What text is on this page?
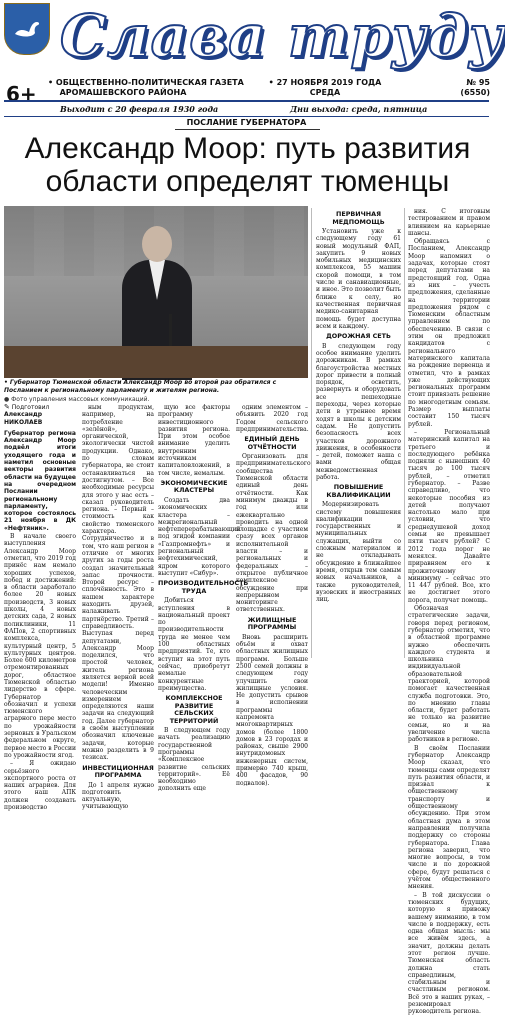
Слава труду
6+ • ОБЩЕСТВЕННО-ПОЛИТИЧЕСКАЯ ГАЗЕТА
АРОМАШЕВСКОГО РАЙОНА
• 27 НОЯБРЯ 2019 ГОДА
СРЕДА
№ 95
(6550)
Выходит с 20 февраля 1930 года	Дни выхода: среда, пятница
ПОСЛАНИЕ ГУБЕРНАТОРА
Александр Моор: путь развития
области определят тюменцы
• Губернатор Тюменской области Александр Моор во второй раз обратился с Посланием к региональному парламенту и жителям региона.
● Фото управления массовых коммуникаций.
✎ Подготовил
Александр НИКОЛАЕВ

Губернатор региона Александр Моор подвёл итоги уходящего года и наметил основные векторы развития области на будущее на очередном Послании региональному парламенту, которое состоялось 21 ноября в ДК «Нефтяник».

В начале своего выступления Александр Моор отметил, что 2019 год принёс нам немало хороших успехов, побед и достижений: в области заработало более 20 новых производств, 3 новых школы, 4 новых детских сада, 2 новых поликлиники, 11 ФАПов, 2 спортивных комплекса, культурный центр, 5 культурных центров. Более 600 километров отремонтированных дорог, областное Тюменской областью лидерство в сфере. Губернатор обозначил и успехи тюменского аграрного пере место по урожайности зерновых в Уральском федеральном округе, первое место в России по урожайности ягод.

– Я ожидаю серьёзного экспортного роста от наших аграриев. Для этого наш АПК должен создавать производство

ным продуктам, например, на потребление «зелёной», органической, экологически чистой продукции. Однако, по словам губернатора, не стоит останавливаться на достигнутом. – Все необходимые ресурсы для этого у нас есть – сказал руководитель региона. – Первый – стоимость как свойство тюменского характера. Сотрудничество и в том, что наш регион в отличие от многих других за годы роста создал значительный запас прочности. Второй ресурс – сплочённость. Это в нашем характере находить друзей, налаживать партнёрство. Третий – справедливость. Выступая перед депутатами, Александр Моор поделился, что простой человек, житель региона является верной всей модели! Именно человеческим измерением определяются наши задачи на следующий год. Далее губернатор в своём выступлении обозначил ключевые задачи, которые можно разделить в 9 тезисах.

ИНВЕСТИЦИОННАЯ ПРОГРАММА

До 1 апреля нужно подготовить актуальную, учитывающую

щую все факторы программу инвестиционного развития региона. При этом особое внимание уделить внутренним источникам капиталовложений, в том числе, немалым.

ЭКОНОМИЧЕСКИЕ КЛАСТЕРЫ

Создать два экономических кластера – межрегиональный нефтеперерабатывающий под эгидой компании «Газпромнефть» и региональный нефтехимический, ядром которого выступит «Сибур».

ПРОИЗВОДИТЕЛЬНОСТЬ ТРУДА

Добиться вступления в национальный проект по производительности труда не менее чем 100 областных предприятий. Те, кто вступит на этот путь сейчас, приобретут немалые конкурентные преимущества.

КОМПЛЕКСНОЕ РАЗВИТИЕ СЕЛЬСКИХ ТЕРРИТОРИЙ

В следующем году начать реализацию государственной программы «Комплексное развитие сельских территорий». Её необходимо дополнить еще

одним элементом – объявить 2020 год Годом сельского предпринимательства.

ЕДИНЫЙ ДЕНЬ ОТЧЁТНОСТИ

Организовать для предпринимательского сообщества Тюменской области единый день отчётности. Как минимум дважды в год или ежеквартально проводить на одной площадке с участием сразу всех органов исполнительной власти – и региональных и федеральных – открытое публичное комплексное обсуждение при непрерывном мониторинге ответственных.

ЖИЛИЩНЫЕ ПРОГРАММЫ

Вновь расширить объём и охват областных жилищных программ. Больше 2500 семей должны в следующем году улучшить свои жилищные условия. Не допустить срывов в исполнении программы капремонта многоквартирных домов (более 1800 домов в 23 городах и районах, свыше 2900 внутридомовых инженерных систем, примерно 740 крыш, 400 фасадов, 90 подвалов).

ПЕРВИЧНАЯ МЕДПОМОЩЬ

Установить уже к следующему году 61 новый модульный ФАП, закупить 9 новых мобильных медицинских комплексов, 55 машин скорой помощи, в том числе и санавиационные, и иное. Это позволит быть ближе к селу, но качественная первичная медико-санитарная помощь будет доступна всем и каждому.

ДОРОЖНАЯ СЕТЬ

В следующем году особое внимание уделить дорожникам. В рамках благоустройства местных дорог привести в полный порядок, осветить, развернуть и оборудовать все пешеходные переходы, через которые дети в утреннее время ходят в школы к детским садам. Не допустить безопасность всех участков дорожного движения, в особенности – детей, поможет наша с вами общая межведомственная работа.

ПОВЫШЕНИЕ КВАЛИФИКАЦИИ

Модернизировать систему повышения квалификации государственных и муниципальных служащих, выйти со сложным материалом и не откладывать обсуждение в ближайшее время, открыв тем самым новых начальников, а также руководителей, вузовских и иностранных лиц.

ния. С итоговым тестированием и правом влиянием на карьерные шансы.

Обращаясь с Посланием, Александр Моор напомнил о задачах, которые стоят перед депутатами на предстоящий год. Одна из них – учесть предложения, сделанные на территории предложения рядом с Тюменским областным управлением по обеспечению. В связи с этим он предложил кандидатов с регионального материнского капитала на рождение первенца и отметил, что в рамках уже действующих региональных программ стоит привязать решение по многодетным семьям. Размер выплаты составит 150 тысяч рублей.

– Региональный материнский капитал на третьего и последующего ребёнка подняли с нынешних 40 тысяч до 100 тысяч рублей, – отметил губернатор. – Разве справедливо, что некоторые пособия из детей получают настолько мало при условии, что среднедушевой доход семьи не превышает пяти тысяч рублей? С 2012 года порог не менялся. Давайте приравняем его к прожиточному минимуму – сейчас это 11 447 рублей. Все, кто не достигнет этого порога, получат помощь.

Обозначая стратегические задачи, говоря перед регионом, губернатор отметил, что в областной программе нужно обеспечить каждого студента и школьника индивидуальной образовательной траекторией, которой помогает качественная служба подготовки. Это, по мнению главы области, будет работать не только на развитие семьи, но и на увеличение числа работников в регионе.

В своём Послании губернатор Александр Моор сказал, что тюменцы сами определят путь развития области, и призвал к общественному транспорту и общественному обсуждению. При этом областная дума в этом направлении получила поддержку со стороны губернатора. Глава региона заверил, что многие вопросы, в том числе и по дорожной сфере, будут решаться с учётом общественного мнения.

– В той дискуссии о тюменских будущих, которую я привожу вашему вниманию, в том числе в поддержку, есть одна общая мысль: мы все живём здесь, а значит, должны делать этот регион лучше. Тюменская область должна стать справедливым, стабильным и счастливым регионом. Всё это в наших руках, – резюмировал руководитель региона.
